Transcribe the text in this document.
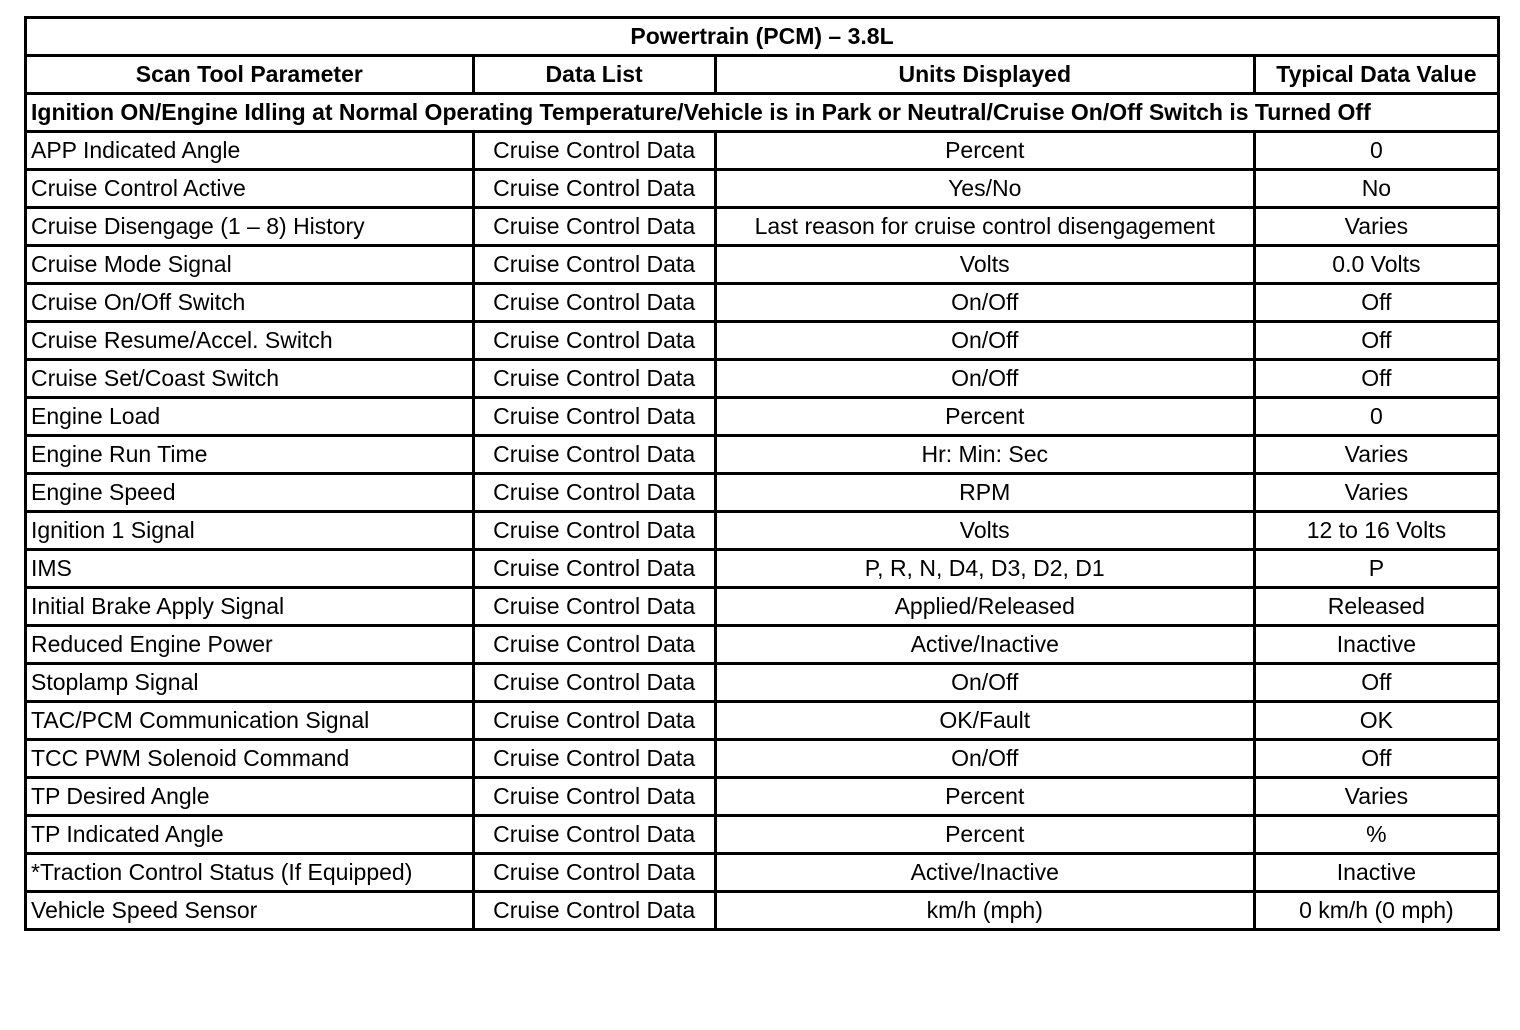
Powertrain (PCM) – 3.8L			
Scan Tool Parameter	Data List	Units Displayed	Typical Data Value
Ignition ON/Engine Idling at Normal Operating Temperature/Vehicle is in Park or Neutral/Cruise On/Off Switch is Turned Off			
APP Indicated Angle	Cruise Control Data	Percent	0
Cruise Control Active	Cruise Control Data	Yes/No	No
Cruise Disengage (1 – 8) History	Cruise Control Data	Last reason for cruise control disengagement	Varies
Cruise Mode Signal	Cruise Control Data	Volts	0.0 Volts
Cruise On/Off Switch	Cruise Control Data	On/Off	Off
Cruise Resume/Accel. Switch	Cruise Control Data	On/Off	Off
Cruise Set/Coast Switch	Cruise Control Data	On/Off	Off
Engine Load	Cruise Control Data	Percent	0
Engine Run Time	Cruise Control Data	Hr: Min: Sec	Varies
Engine Speed	Cruise Control Data	RPM	Varies
Ignition 1 Signal	Cruise Control Data	Volts	12 to 16 Volts
IMS	Cruise Control Data	P, R, N, D4, D3, D2, D1	P
Initial Brake Apply Signal	Cruise Control Data	Applied/Released	Released
Reduced Engine Power	Cruise Control Data	Active/Inactive	Inactive
Stoplamp Signal	Cruise Control Data	On/Off	Off
TAC/PCM Communication Signal	Cruise Control Data	OK/Fault	OK
TCC PWM Solenoid Command	Cruise Control Data	On/Off	Off
TP Desired Angle	Cruise Control Data	Percent	Varies
TP Indicated Angle	Cruise Control Data	Percent	%
*Traction Control Status (If Equipped)	Cruise Control Data	Active/Inactive	Inactive
Vehicle Speed Sensor	Cruise Control Data	km/h (mph)	0 km/h (0 mph)
